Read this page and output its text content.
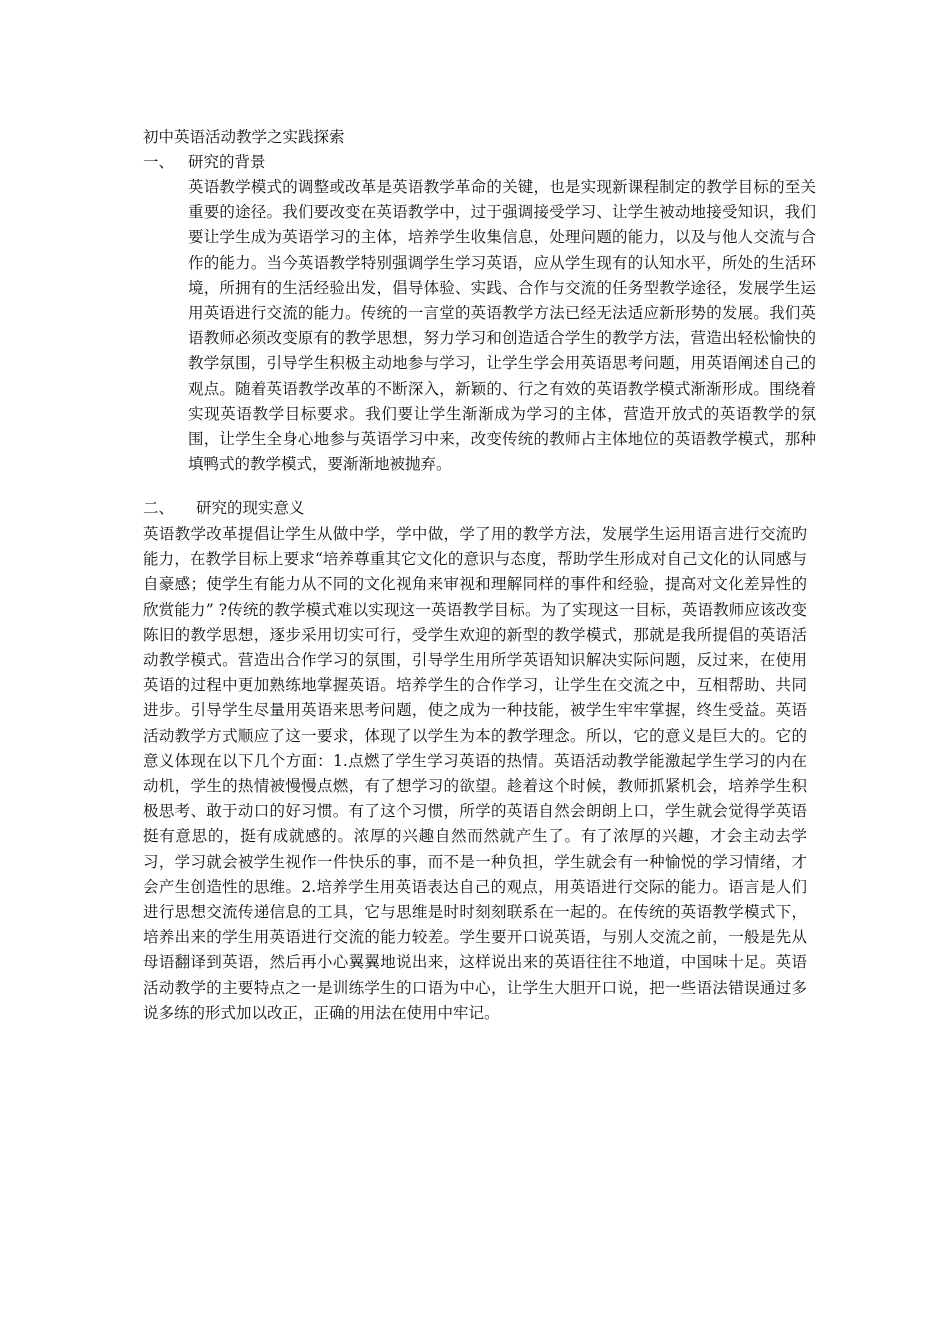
初中英语活动教学之实践探索
一、 研究的背景
英语教学模式的调整或改革是英语教学革命的关键，也是实现新课程制定的教学目标的至关重要的途径。我们要改变在英语教学中，过于强调接受学习、让学生被动地接受知识，我们要让学生成为英语学习的主体，培养学生收集信息，处理问题的能力，以及与他人交流与合作的能力。当今英语教学特别强调学生学习英语，应从学生现有的认知水平，所处的生活环境，所拥有的生活经验出发，倡导体验、实践、合作与交流的任务型教学途径，发展学生运用英语进行交流的能力。传统的一言堂的英语教学方法已经无法适应新形势的发展。我们英语教师必须改变原有的教学思想，努力学习和创造适合学生的教学方法，营造出轻松愉快的教学氛围，引导学生积极主动地参与学习，让学生学会用英语思考问题，用英语阐述自己的观点。随着英语教学改革的不断深入，新颖的、行之有效的英语教学模式渐渐形成。围绕着实现英语教学目标要求。我们要让学生渐渐成为学习的主体，营造开放式的英语教学的氛围，让学生全身心地参与英语学习中来，改变传统的教师占主体地位的英语教学模式，那种填鸭式的教学模式，要渐渐地被抛弃。
二、 研究的现实意义
英语教学改革提倡让学生从做中学，学中做，学了用的教学方法，发展学生运用语言进行交流旳能力，在教学目标上要求“培养尊重其它文化的意识与态度，帮助学生形成对自己文化的认同感与自豪感；使学生有能力从不同的文化视角来审视和理解同样的事件和经验，提高对文化差异性的欣赏能力” ?传统的教学模式难以实现这一英语教学目标。为了实现这一目标，英语教师应该改变陈旧的教学思想，逐步采用切实可行，受学生欢迎的新型的教学模式，那就是我所提倡的英语活动教学模式。营造出合作学习的氛围，引导学生用所学英语知识解决实际问题，反过来，在使用英语的过程中更加熟练地掌握英语。培养学生的合作学习，让学生在交流之中，互相帮助、共同进步。引导学生尽量用英语来思考问题，使之成为一种技能，被学生牢牢掌握，终生受益。英语活动教学方式顺应了这一要求，体现了以学生为本的教学理念。所以，它的意义是巨大的。它的意义体现在以下几个方面：1.点燃了学生学习英语的热情。英语活动教学能激起学生学习的内在动机，学生的热情被慢慢点燃，有了想学习的欲望。趁着这个时候，教师抓紧机会，培养学生积极思考、敢于动口的好习惯。有了这个习惯，所学的英语自然会朗朗上口，学生就会觉得学英语挺有意思的，挺有成就感的。浓厚的兴趣自然而然就产生了。有了浓厚的兴趣，才会主动去学习，学习就会被学生视作一件快乐的事，而不是一种负担，学生就会有一种愉悦的学习情绪，才会产生创造性的思维。2.培养学生用英语表达自己的观点，用英语进行交际的能力。语言是人们进行思想交流传递信息的工具，它与思维是时时刻刻联系在一起的。在传统的英语教学模式下，培养出来的学生用英语进行交流的能力较差。学生要开口说英语，与别人交流之前，一般是先从母语翻译到英语，然后再小心翼翼地说出来，这样说出来的英语往往不地道，中国味十足。英语活动教学的主要特点之一是训练学生的口语为中心，让学生大胆开口说，把一些语法错误通过多说多练的形式加以改正，正确的用法在使用中牢记。
